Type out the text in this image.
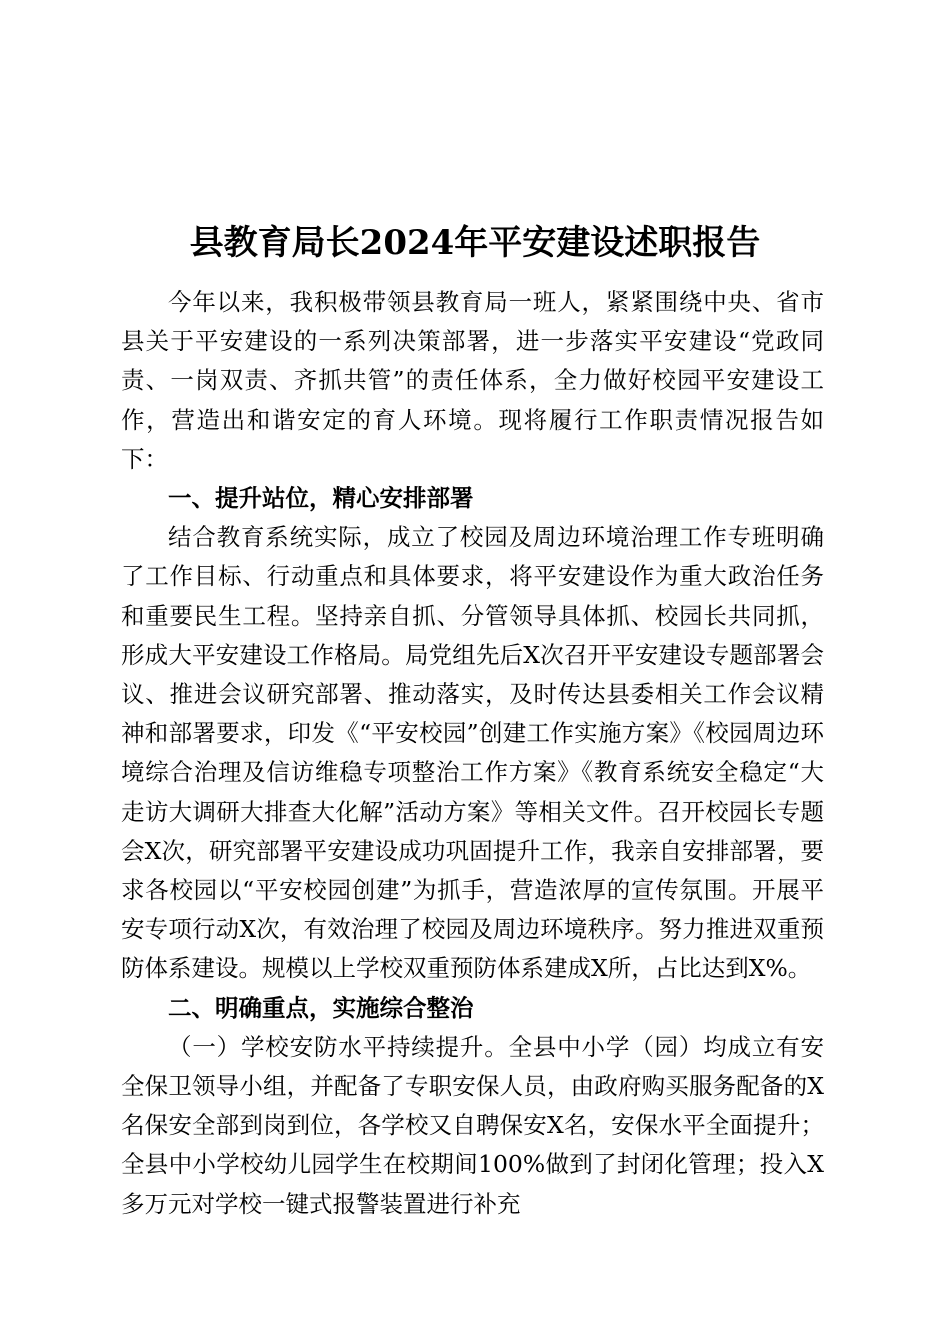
县教育局长2024年平安建设述职报告

今年以来，我积极带领县教育局一班人，紧紧围绕中央、省市县关于平安建设的一系列决策部署，进一步落实平安建设“党政同责、一岗双责、齐抓共管”的责任体系，全力做好校园平安建设工作，营造出和谐安定的育人环境。现将履行工作职责情况报告如下：

一、提升站位，精心安排部署

结合教育系统实际，成立了校园及周边环境治理工作专班明确了工作目标、行动重点和具体要求，将平安建设作为重大政治任务和重要民生工程。坚持亲自抓、分管领导具体抓、校园长共同抓，形成大平安建设工作格局。局党组先后X次召开平安建设专题部署会议、推进会议研究部署、推动落实，及时传达县委相关工作会议精神和部署要求，印发《“平安校园”创建工作实施方案》《校园周边环境综合治理及信访维稳专项整治工作方案》《教育系统安全稳定“大走访大调研大排查大化解”活动方案》等相关文件。召开校园长专题会X次，研究部署平安建设成功巩固提升工作，我亲自安排部署，要求各校园以“平安校园创建”为抓手，营造浓厚的宣传氛围。开展平安专项行动X次，有效治理了校园及周边环境秩序。努力推进双重预防体系建设。规模以上学校双重预防体系建成X所，占比达到X%。

二、明确重点，实施综合整治

（一）学校安防水平持续提升。全县中小学（园）均成立有安全保卫领导小组，并配备了专职安保人员，由政府购买服务配备的X名保安全部到岗到位，各学校又自聘保安X名，安保水平全面提升；全县中小学校幼儿园学生在校期间100%做到了封闭化管理；投入X多万元对学校一键式报警装置进行补充
